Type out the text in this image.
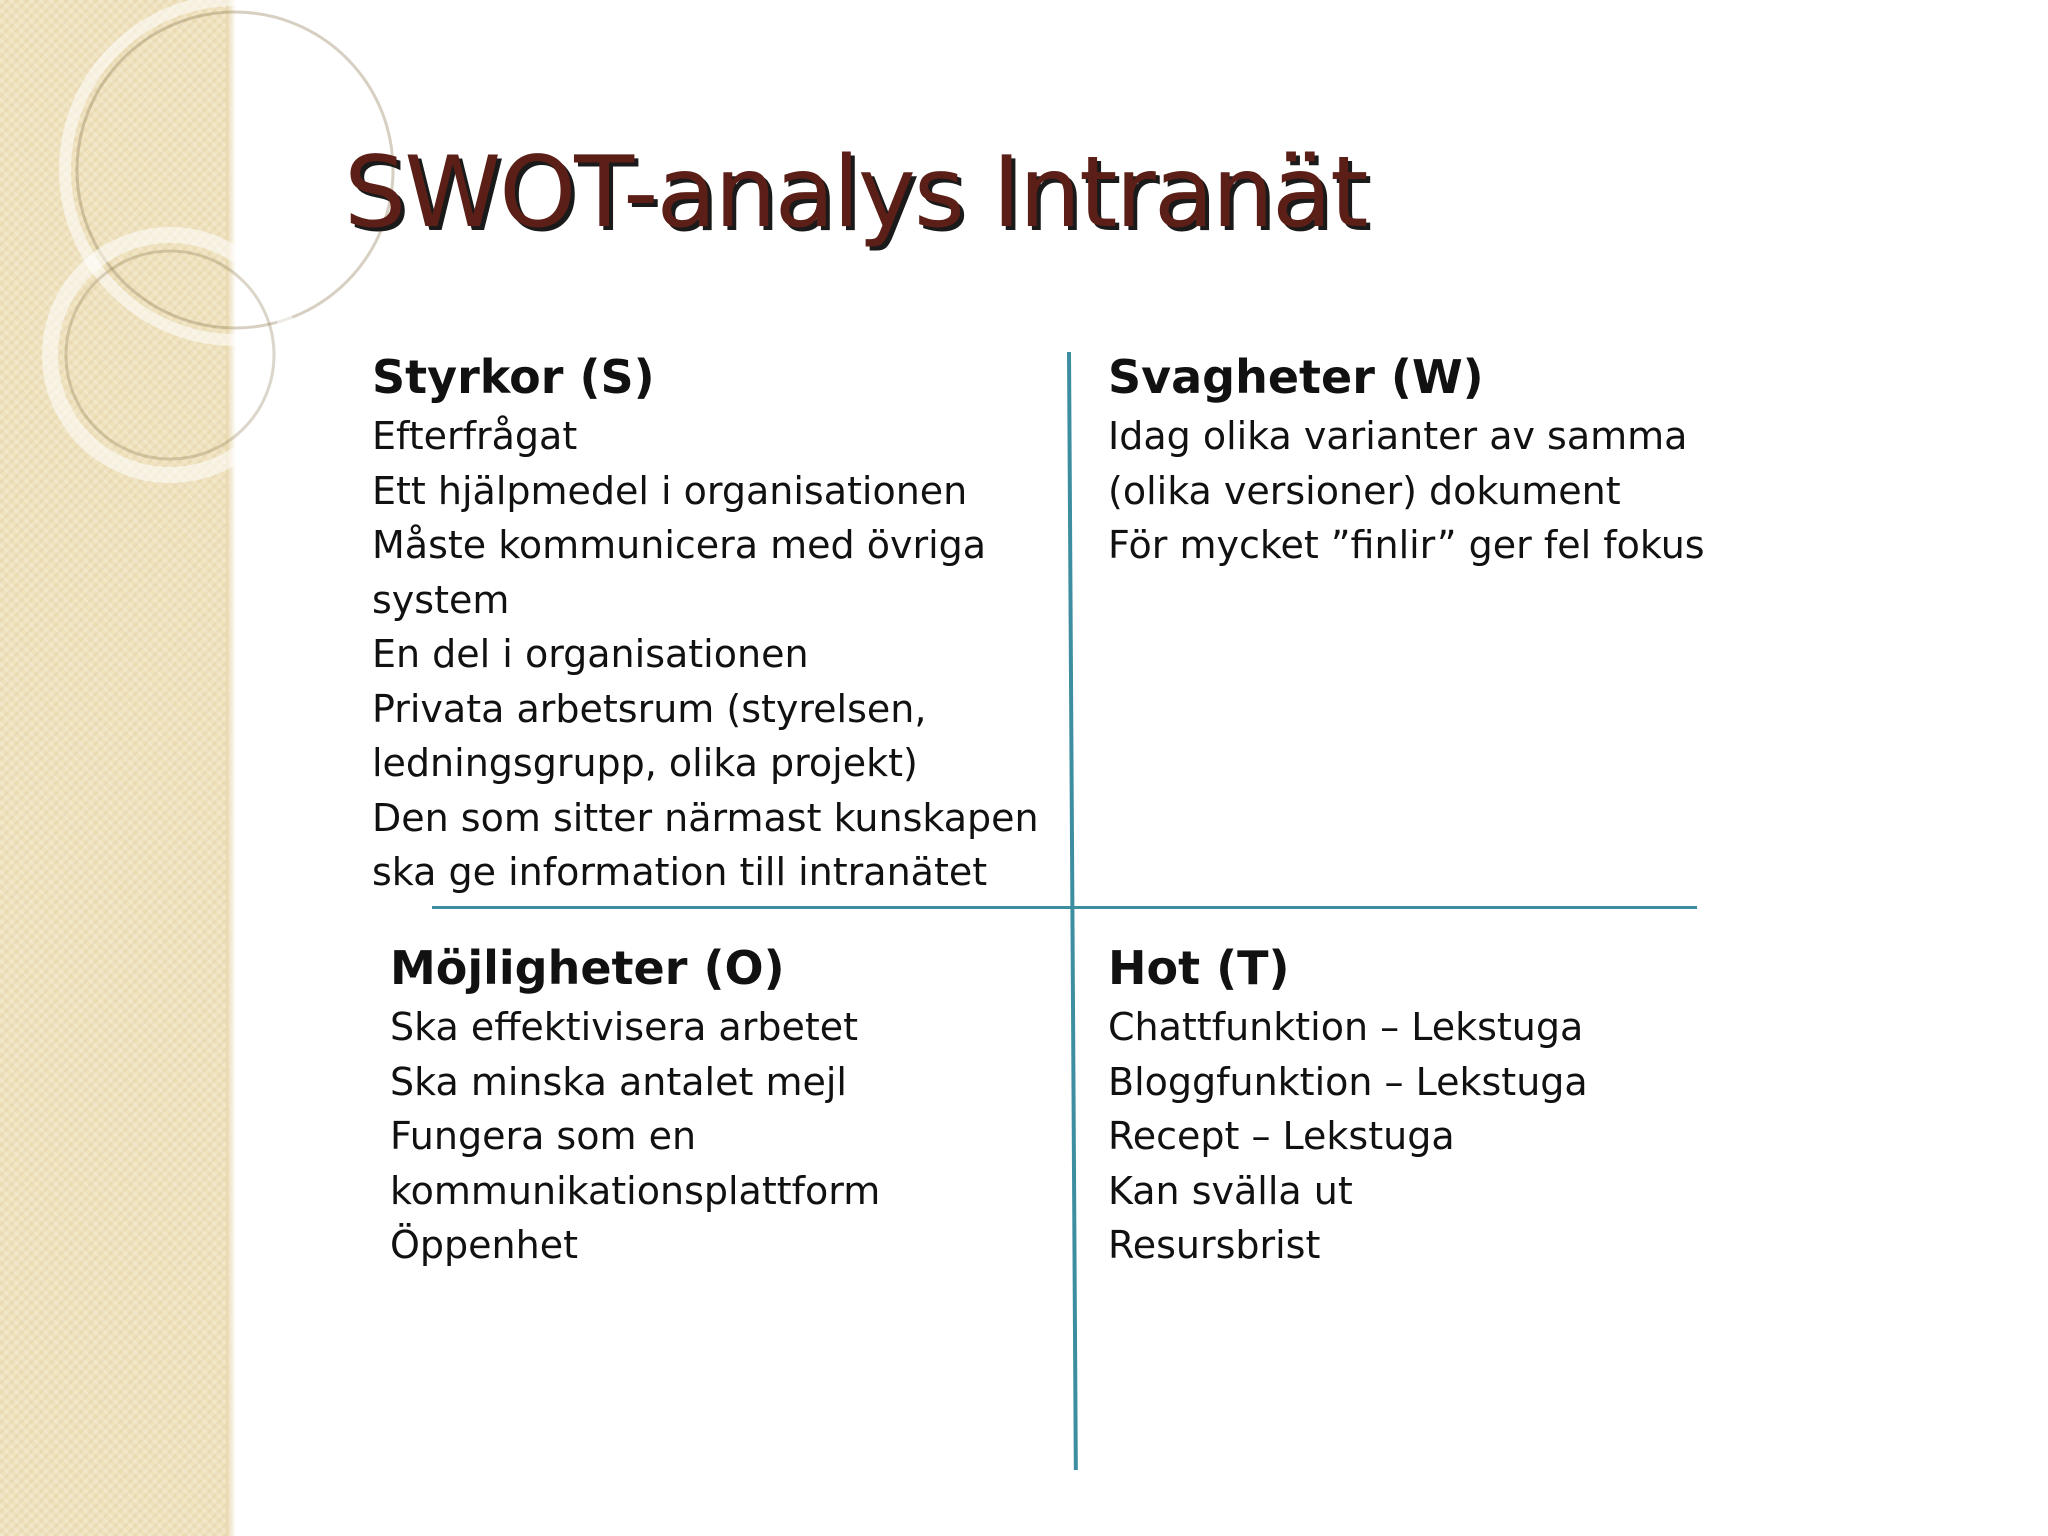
SWOT-analys Intranät
Styrkor (S)
Efterfrågat
Ett hjälpmedel i organisationen
Måste kommunicera med övriga system
En del i organisationen
Privata arbetsrum (styrelsen, ledningsgrupp, olika projekt)
Den som sitter närmast kunskapen ska ge information till intranätet
Svagheter (W)
Idag olika varianter av samma (olika versioner) dokument
För mycket ”finlir” ger fel fokus
Möjligheter (O)
Ska effektivisera arbetet
Ska minska antalet mejl
Fungera som en kommunikationsplattform
Öppenhet
Hot (T)
Chattfunktion – Lekstuga
Bloggfunktion – Lekstuga
Recept – Lekstuga
Kan svälla ut
Resursbrist
